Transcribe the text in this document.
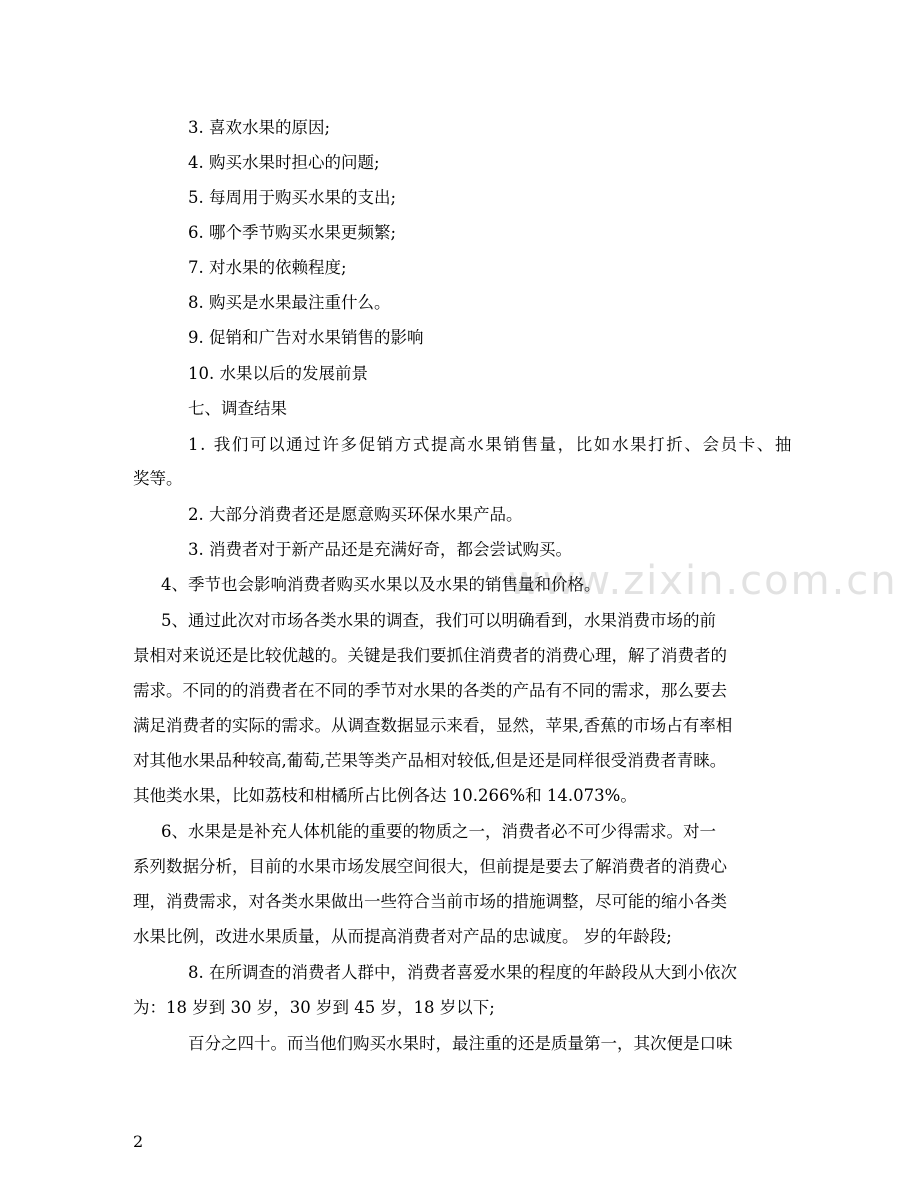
www.zixin.com.cn
3. 喜欢水果的原因;
4. 购买水果时担心的问题;
5. 每周用于购买水果的支出;
6. 哪个季节购买水果更频繁;
7. 对水果的依赖程度;
8. 购买是水果最注重什么。
9. 促销和广告对水果销售的影响
10. 水果以后的发展前景
七、调查结果
1. 我们可以通过许多促销方式提高水果销售量，比如水果打折、会员卡、抽
奖等。
2. 大部分消费者还是愿意购买环保水果产品。
3. 消费者对于新产品还是充满好奇，都会尝试购买。
4、季节也会影响消费者购买水果以及水果的销售量和价格。
5、通过此次对市场各类水果的调查，我们可以明确看到，水果消费市场的前
景相对来说还是比较优越的。关键是我们要抓住消费者的消费心理，解了消费者的
需求。不同的的消费者在不同的季节对水果的各类的产品有不同的需求，那么要去
满足消费者的实际的需求。从调查数据显示来看，显然，苹果,香蕉的市场占有率相
对其他水果品种较高,葡萄,芒果等类产品相对较低,但是还是同样很受消费者青睐。
其他类水果，比如荔枝和柑橘所占比例各达 10.266%和 14.073%。
6、水果是是补充人体机能的重要的物质之一，消费者必不可少得需求。对一
系列数据分析，目前的水果市场发展空间很大，但前提是要去了解消费者的消费心
理，消费需求，对各类水果做出一些符合当前市场的措施调整，尽可能的缩小各类
水果比例，改进水果质量，从而提高消费者对产品的忠诚度。 岁的年龄段;
8. 在所调查的消费者人群中，消费者喜爱水果的程度的年龄段从大到小依次
为：18 岁到 30 岁，30 岁到 45 岁，18 岁以下;
百分之四十。而当他们购买水果时，最注重的还是质量第一，其次便是口味
2
